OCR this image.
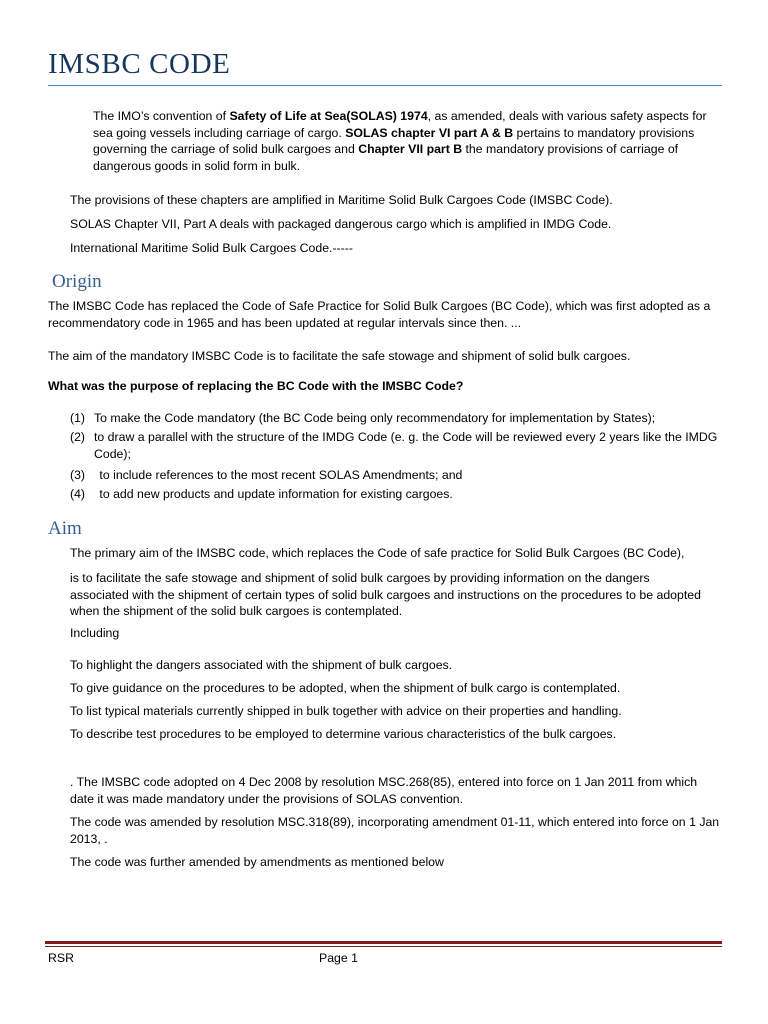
IMSBC CODE

The IMO’s convention of Safety of Life at Sea(SOLAS) 1974, as amended, deals with various safety aspects for sea going vessels including carriage of cargo. SOLAS chapter VI part A & B pertains to mandatory provisions governing the carriage of solid bulk cargoes and Chapter VII part B the mandatory provisions of carriage of dangerous goods in solid form in bulk.

The provisions of these chapters are amplified in Maritime Solid Bulk Cargoes Code (IMSBC Code).

SOLAS Chapter VII, Part A deals with packaged dangerous cargo which is amplified in IMDG Code.

International Maritime Solid Bulk Cargoes Code.-----

Origin

The IMSBC Code has replaced the Code of Safe Practice for Solid Bulk Cargoes (BC Code), which was first adopted as a recommendatory code in 1965 and has been updated at regular intervals since then. ...

The aim of the mandatory IMSBC Code is to facilitate the safe stowage and shipment of solid bulk cargoes.

What was the purpose of replacing the BC Code with the IMSBC Code?

(1) To make the Code mandatory (the BC Code being only recommendatory for implementation by States);
(2) to draw a parallel with the structure of the IMDG Code (e. g. the Code will be reviewed every 2 years like the IMDG Code);
(3) to include references to the most recent SOLAS Amendments; and
(4) to add new products and update information for existing cargoes.
Aim

The primary aim of the IMSBC code, which replaces the Code of safe practice for Solid Bulk Cargoes (BC Code),

is to facilitate the safe stowage and shipment of solid bulk cargoes by providing information on the dangers associated with the shipment of certain types of solid bulk cargoes and instructions on the procedures to be adopted when the shipment of the solid bulk cargoes is contemplated.

Including

To highlight the dangers associated with the shipment of bulk cargoes.

To give guidance on the procedures to be adopted, when the shipment of bulk cargo is contemplated.

To list typical materials currently shipped in bulk together with advice on their properties and handling.

To describe test procedures to be employed to determine various characteristics of the bulk cargoes.

. The IMSBC code adopted on 4 Dec 2008 by resolution MSC.268(85), entered into force on 1 Jan 2011 from which date it was made mandatory under the provisions of SOLAS convention.

The code was amended by resolution MSC.318(89), incorporating amendment 01-11, which entered into force on 1 Jan 2013, .

The code was further amended by amendments as mentioned below

RSR	Page 1
